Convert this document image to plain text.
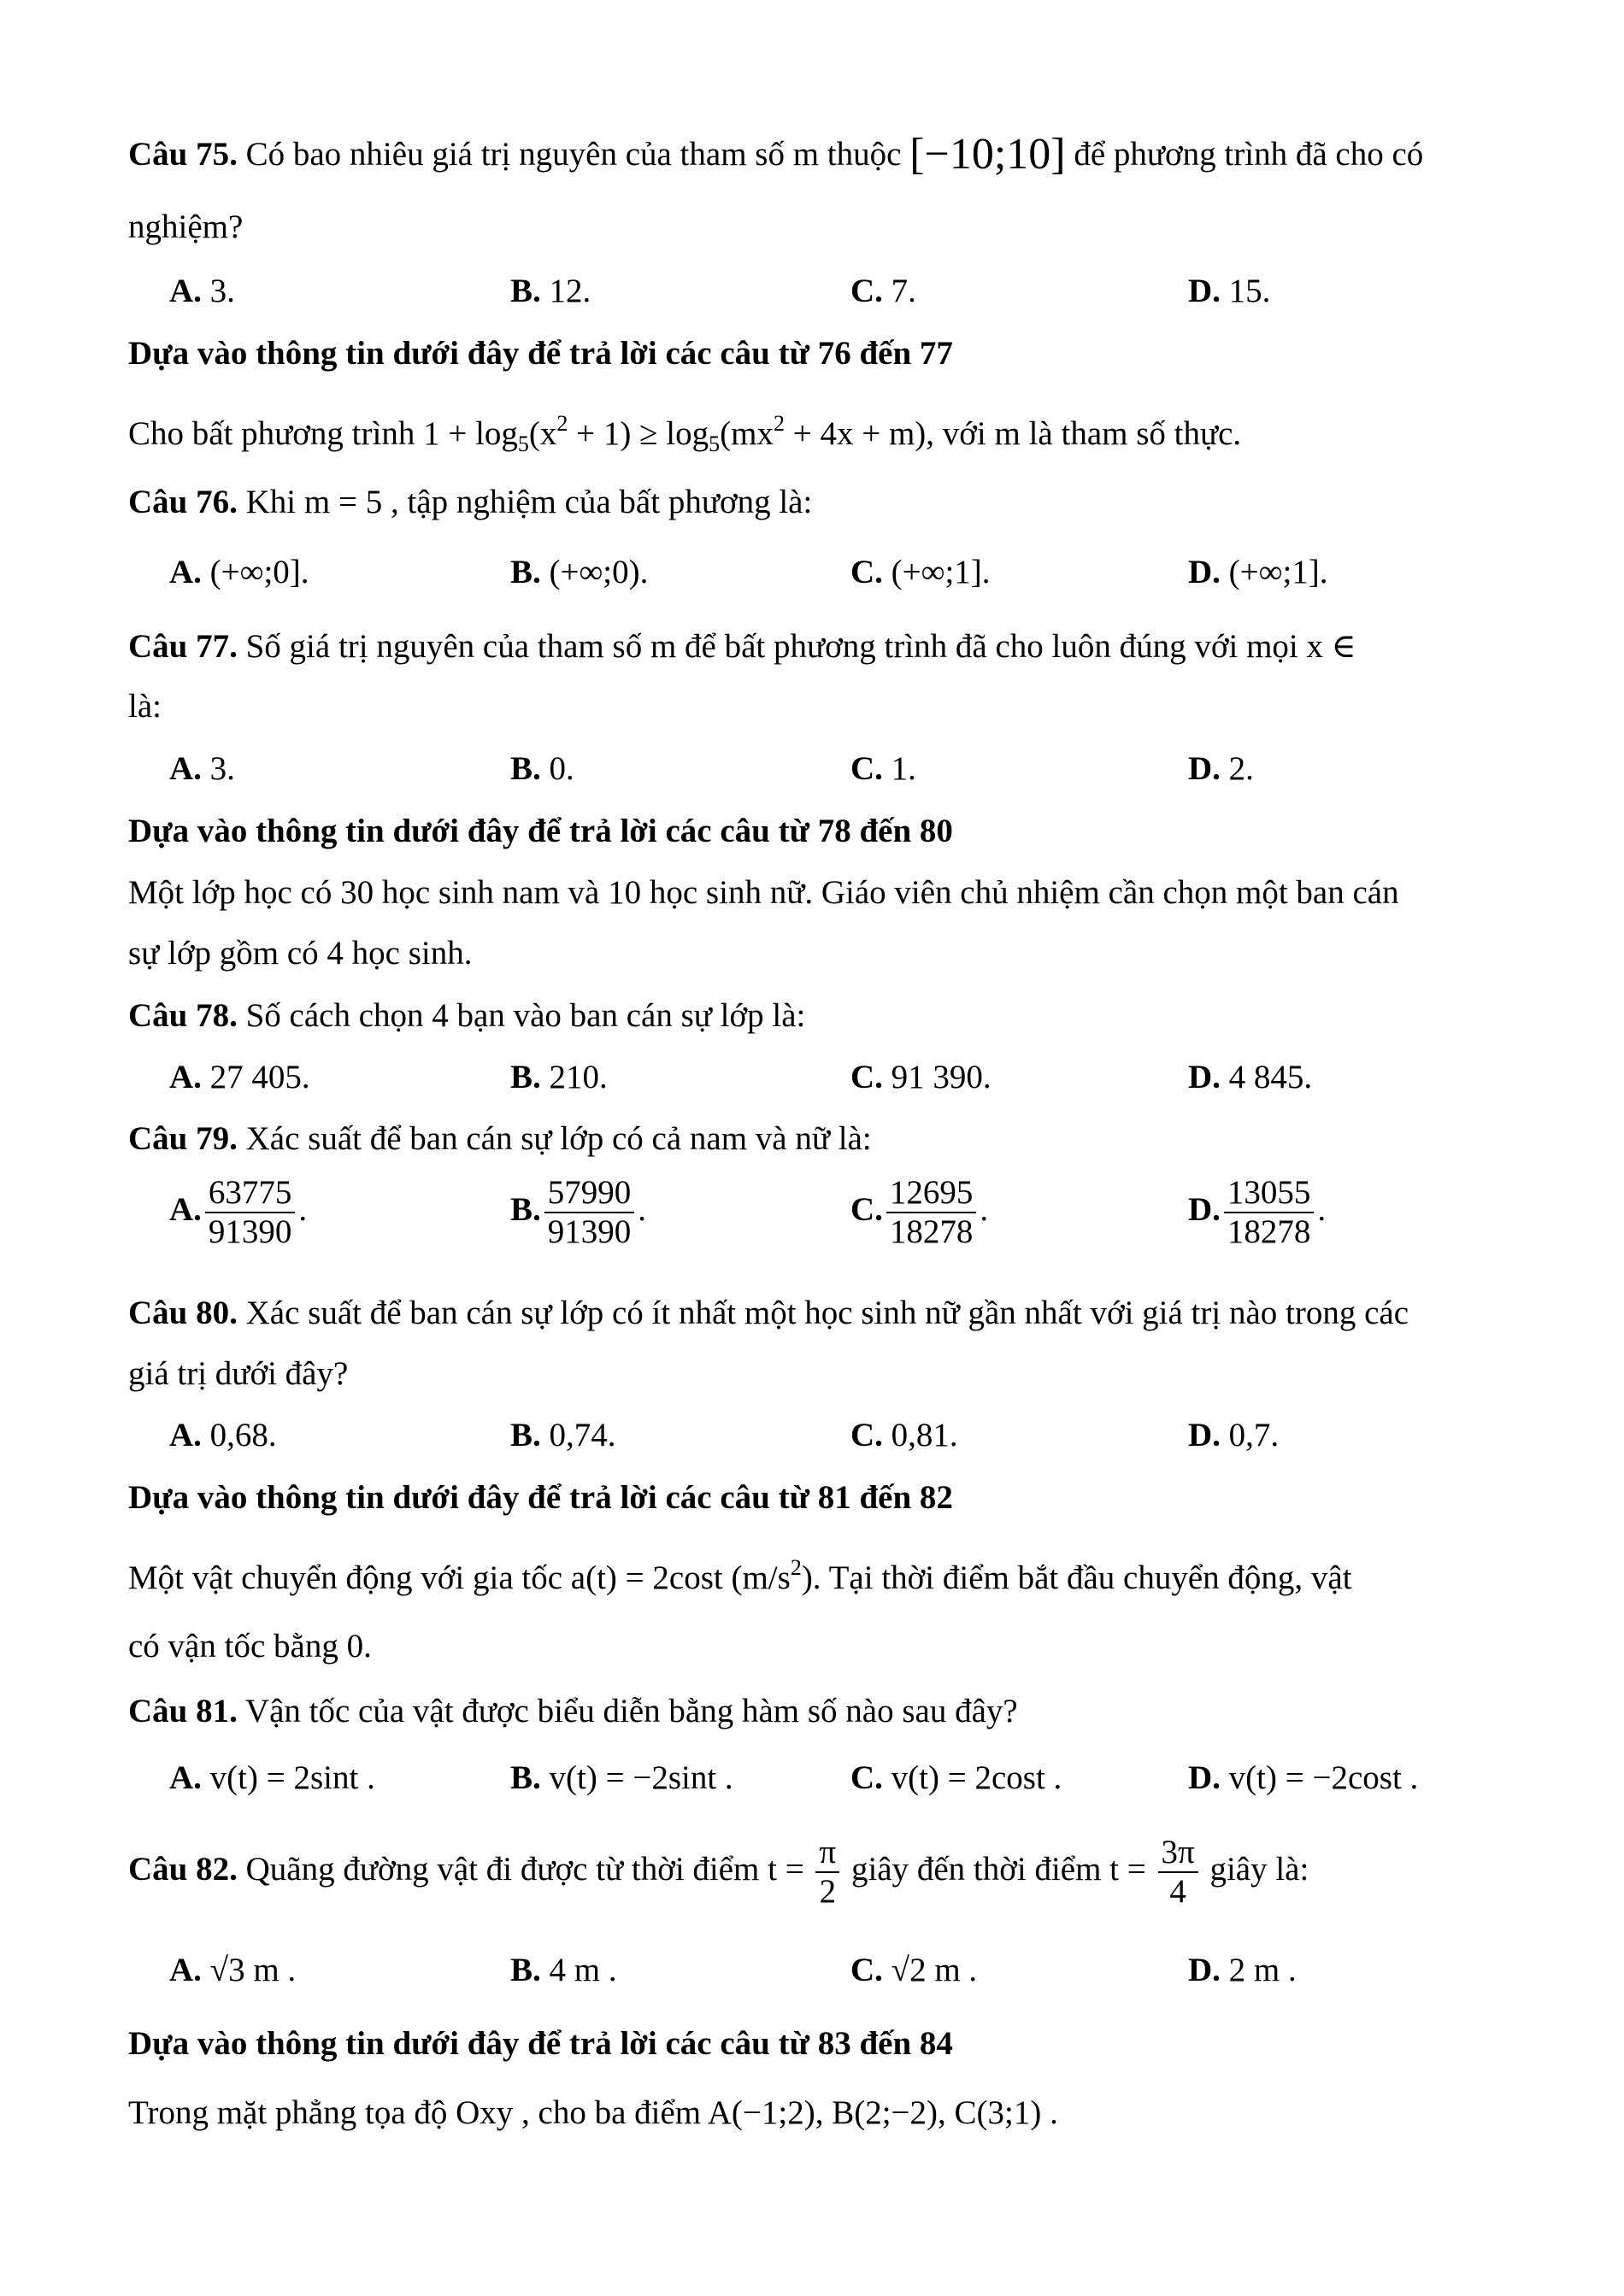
Câu 75. Có bao nhiêu giá trị nguyên của tham số m thuộc [−10;10] để phương trình đã cho có
nghiệm?
A. 3.	B. 12.	C. 7.	D. 15.
Dựa vào thông tin dưới đây để trả lời các câu từ 76 đến 77
Cho bất phương trình $1 + \log_5(x^2 + 1) \ge \log_5(mx^2 + 4x + m)$, với m là tham số thực.
Câu 76. Khi m = 5 , tập nghiệm của bất phương là:
A. (+∞;0].	B. (+∞;0).	C. (+∞;1].	D. (+∞;1].
Câu 77. Số giá trị nguyên của tham số m để bất phương trình đã cho luôn đúng với mọi x ∈
là:
A. 3.	B. 0.	C. 1.	D. 2.
Dựa vào thông tin dưới đây để trả lời các câu từ 78 đến 80
Một lớp học có 30 học sinh nam và 10 học sinh nữ. Giáo viên chủ nhiệm cần chọn một ban cán
sự lớp gồm có 4 học sinh.
Câu 78. Số cách chọn 4 bạn vào ban cán sự lớp là:
A. 27 405.	B. 210.	C. 91 390.	D. 4 845.
Câu 79. Xác suất để ban cán sự lớp có cả nam và nữ là:
A. $\frac{63775}{91390}$ .	B. $\frac{57990}{91390}$ .	C. $\frac{12695}{18278}$ .	D. $\frac{13055}{18278}$ .
Câu 80. Xác suất để ban cán sự lớp có ít nhất một học sinh nữ gần nhất với giá trị nào trong các
giá trị dưới đây?
A. 0,68.	B. 0,74.	C. 0,81.	D. 0,7.
Dựa vào thông tin dưới đây để trả lời các câu từ 81 đến 82
Một vật chuyển động với gia tốc a(t) = 2cost $(m/s^2)$. Tại thời điểm bắt đầu chuyển động, vật
có vận tốc bằng 0.
Câu 81. Vận tốc của vật được biểu diễn bằng hàm số nào sau đây?
A. v(t) = 2sint .	B. v(t) = −2sint .	C. v(t) = 2cost .	D. v(t) = −2cost .
Câu 82. Quãng đường vật đi được từ thời điểm $t = \frac{\pi}{2}$ giây đến thời điểm $t = \frac{3\pi}{4}$ giây là:
A. √3 m .	B. 4 m .	C. √2 m .	D. 2 m .
Dựa vào thông tin dưới đây để trả lời các câu từ 83 đến 84
Trong mặt phẳng tọa độ Oxy , cho ba điểm A(−1;2), B(2;−2), C(3;1) .
